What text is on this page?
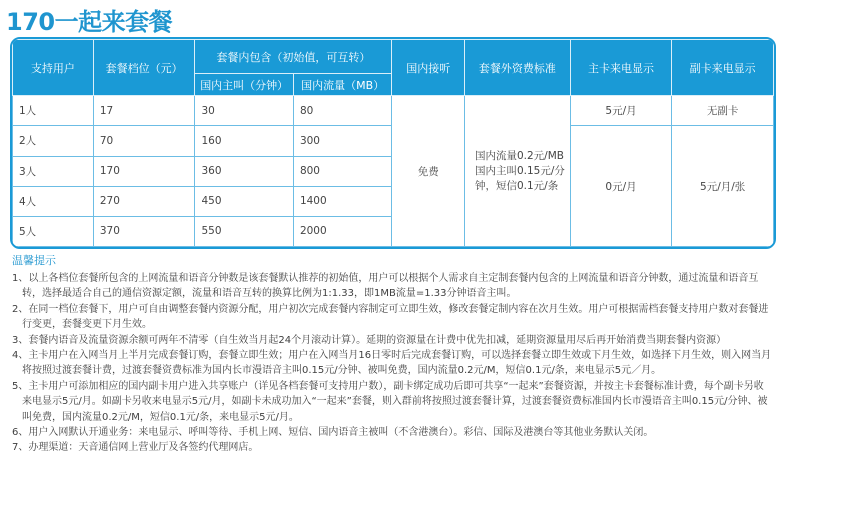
170一起来套餐
支持用户	套餐档位（元）	套餐内包含（初始值，可互转）		国内接听	套餐外资费标准	主卡来电显示	副卡来电显示
		国内主叫（分钟）	国内流量（MB）				
1人	17	30	80	免费	国内流量0.2元/MB 国内主叫0.15元/分钟，短信0.1元/条	5元/月	无副卡
2人	70	160	300			0元/月	5元/月/张
3人	170	360	800				
4人	270	450	1400				
5人	370	550	2000				
温馨提示
1、以上各档位套餐所包含的上网流量和语音分钟数是该套餐默认推荐的初始值，用户可以根据个人需求自主定制套餐内包含的上网流量和语音分钟数，通过流量和语音互转，选择最适合自己的通信资源定额，流量和语音互转的换算比例为1:1.33，即1MB流量=1.33分钟语音主叫。
2、在同一档位套餐下，用户可自由调整套餐内资源分配，用户初次完成套餐内容制定可立即生效，修改套餐定制内容在次月生效。用户可根据需档套餐支持用户数对套餐进行变更，套餐变更下月生效。
3、套餐内语音及流量资源余额可两年不清零（自生效当月起24个月滚动计算）。延期的资源量在计费中优先扣减，延期资源量用尽后再开始消费当期套餐内资源）
4、主卡用户在入网当月上半月完成套餐订购，套餐立即生效；用户在入网当月16日零时后完成套餐订购，可以选择套餐立即生效或下月生效，如选择下月生效，则入网当月将按照过渡套餐计费，过渡套餐资费标准为国内长市漫语音主叫0.15元/分钟、被叫免费，国内流量0.2元/M，短信0.1元/条，来电显示5元／月。
5、主卡用户可添加相应的国内副卡用户进入共享账户（详见各档套餐可支持用户数），副卡绑定成功后即可共享“一起来”套餐资源，并按主卡套餐标准计费，每个副卡另收来电显示5元/月。如副卡另收来电显示5元/月，如副卡未成功加入“一起来”套餐，则入群前将按照过渡套餐计算，过渡套餐资费标准国内长市漫语音主叫0.15元/分钟、被叫免费，国内流量0.2元/M，短信0.1元/条，来电显示5元/月。
6、用户入网默认开通业务：来电显示、呼叫等待、手机上网、短信、国内语音主被叫（不含港澳台）。彩信、国际及港澳台等其他业务默认关闭。
7、办理渠道：天音通信网上营业厅及各签约代理网店。
